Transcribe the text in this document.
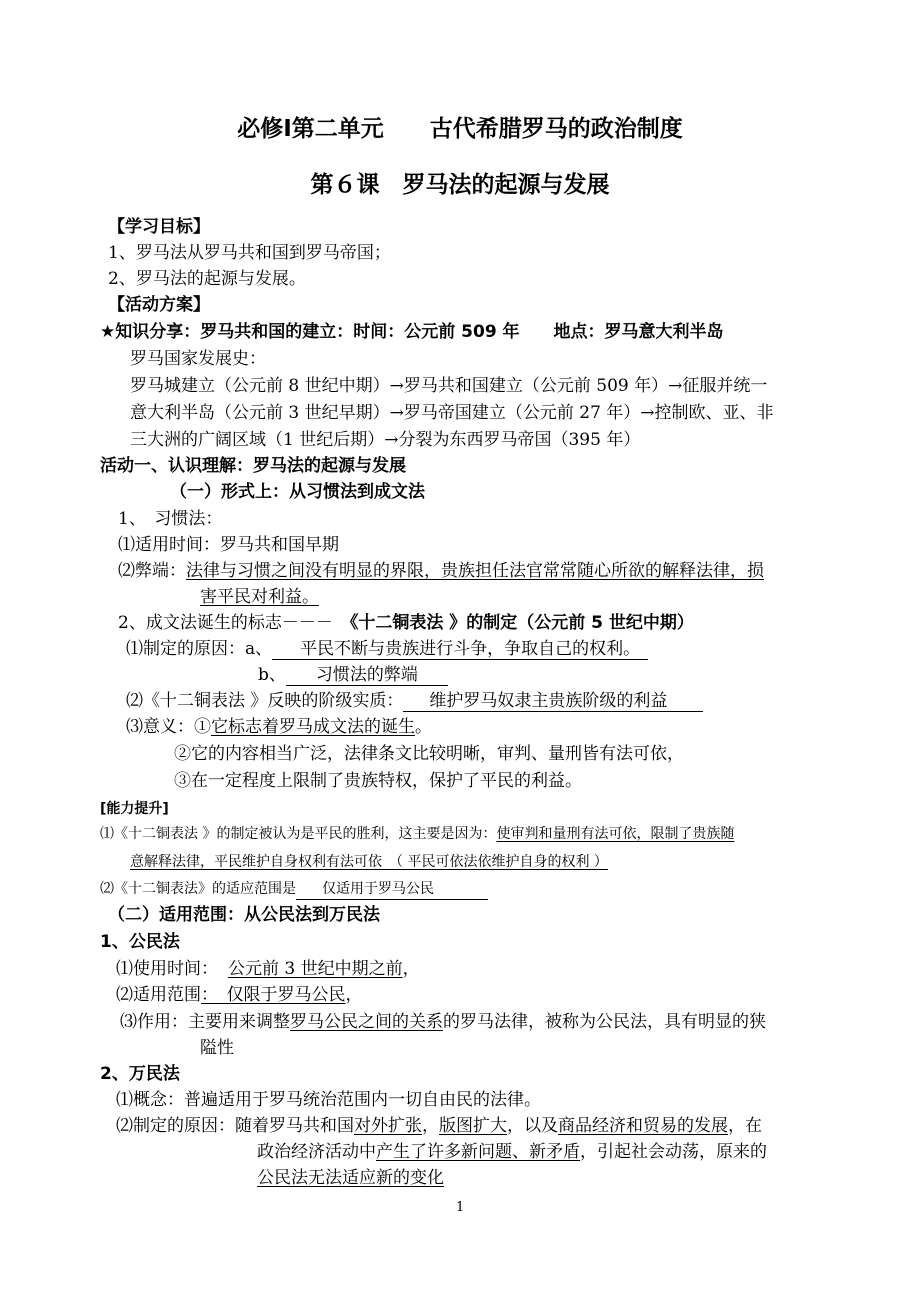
必修Ⅰ第二单元　　古代希腊罗马的政治制度
第６课　罗马法的起源与发展
【学习目标】
1、罗马法从罗马共和国到罗马帝国；
2、罗马法的起源与发展。
【活动方案】
★知识分享：罗马共和国的建立：时间：公元前 509 年　　地点：罗马意大利半岛
罗马国家发展史：
罗马城建立（公元前 8 世纪中期）→罗马共和国建立（公元前 509 年）→征服并统一
意大利半岛（公元前 3 世纪早期）→罗马帝国建立（公元前 27 年）→控制欧、亚、非
三大洲的广阔区域（1 世纪后期）→分裂为东西罗马帝国（395 年）
活动一、认识理解：罗马法的起源与发展
（一）形式上：从习惯法到成文法
1、　习惯法：
⑴适用时间：罗马共和国早期
⑵弊端：法律与习惯之间没有明显的界限，贵族担任法官常常随心所欲的解释法律，损
害平民对利益。
2、成文法诞生的标志－－－　《十二铜表法 》的制定（公元前 5 世纪中期）
⑴制定的原因：a、 平民不断与贵族进行斗争，争取自己的权利。
b、 习惯法的弊端
⑵《十二铜表法 》反映的阶级实质： 维护罗马奴隶主贵族阶级的利益
⑶意义：①它标志着罗马成文法的诞生。
②它的内容相当广泛，法律条文比较明晰，审判、量刑皆有法可依，
③在一定程度上限制了贵族特权，保护了平民的利益。
[能力提升]
⑴《十二铜表法 》的制定被认为是平民的胜利，这主要是因为：使审判和量刑有法可依，限制了贵族随
意解释法律，平民维护自身权利有法可依　（ 平民可依法依维护自身的权利 ）
⑵《十二铜表法》的适应范围是 仅适用于罗马公民
（二）适用范围：从公民法到万民法
1、公民法
⑴使用时间： 公元前 3 世纪中期之前，
⑵适用范围：　仅限于罗马公民，
⑶作用：主要用来调整罗马公民之间的关系的罗马法律，被称为公民法，具有明显的狭
隘性
2、万民法
⑴概念：普遍适用于罗马统治范围内一切自由民的法律。
⑵制定的原因：随着罗马共和国对外扩张，版图扩大，以及商品经济和贸易的发展，在
政治经济活动中产生了许多新问题、新矛盾，引起社会动荡，原来的
公民法无法适应新的变化
1
